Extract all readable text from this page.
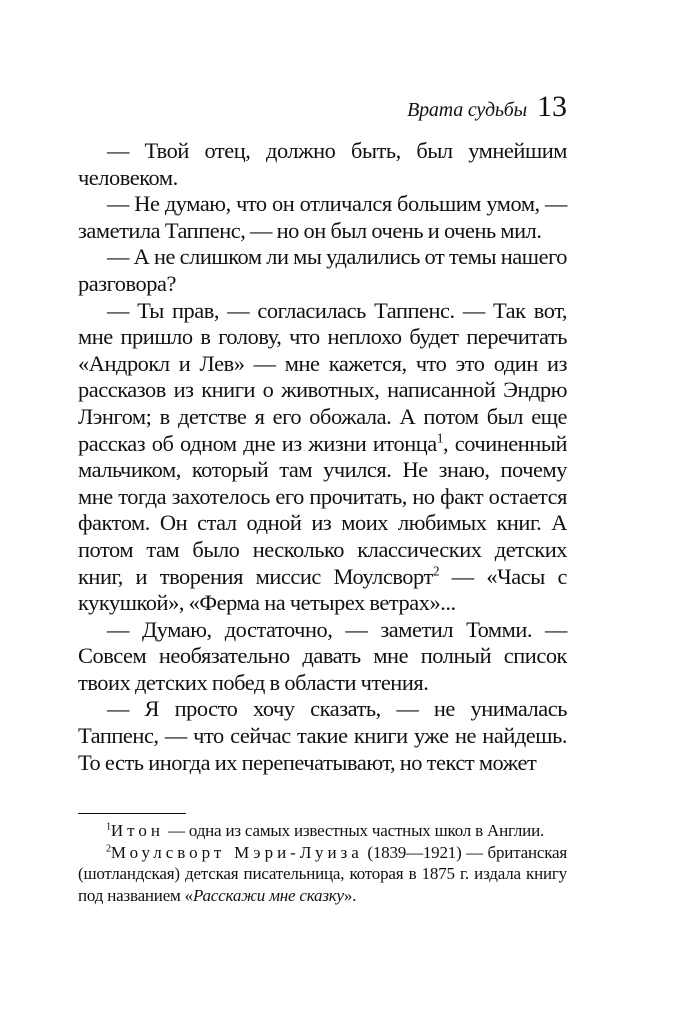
Врата судьбы 13

— Твой отец, должно быть, был умнейшим человеком.

— Не думаю, что он отличался большим умом, — заметила Таппенс, — но он был очень и очень мил.

— А не слишком ли мы удалились от темы нашего разговора?

— Ты прав, — согласилась Таппенс. — Так вот, мне пришло в голову, что неплохо будет перечитать «Андрокл и Лев» — мне кажется, что это один из рассказов из книги о животных, написанной Эндрю Лэнгом; в детстве я его обожала. А потом был еще рассказ об одном дне из жизни итонца$^1$, сочиненный мальчиком, который там учился. Не знаю, почему мне тогда захотелось его прочитать, но факт остается фактом. Он стал одной из моих любимых книг. А потом там было несколько классических детских книг, и творения миссис Моулсворт$^2$ — «Часы с кукушкой», «Ферма на четырех ветрах»...

— Думаю, достаточно, — заметил Томми. — Совсем необязательно давать мне полный список твоих детских побед в области чтения.

— Я просто хочу сказать, — не унималась Таппенс, — что сейчас такие книги уже не найдешь. То есть иногда их перепечатывают, но текст может

$^1$Итон — одна из самых известных частных школ в Англии.

$^2$Моулсворт Мэри-Луиза (1839—1921) — британская (шотландская) детская писательница, которая в 1875 г. издала книгу под названием «Расскажи мне сказку».
